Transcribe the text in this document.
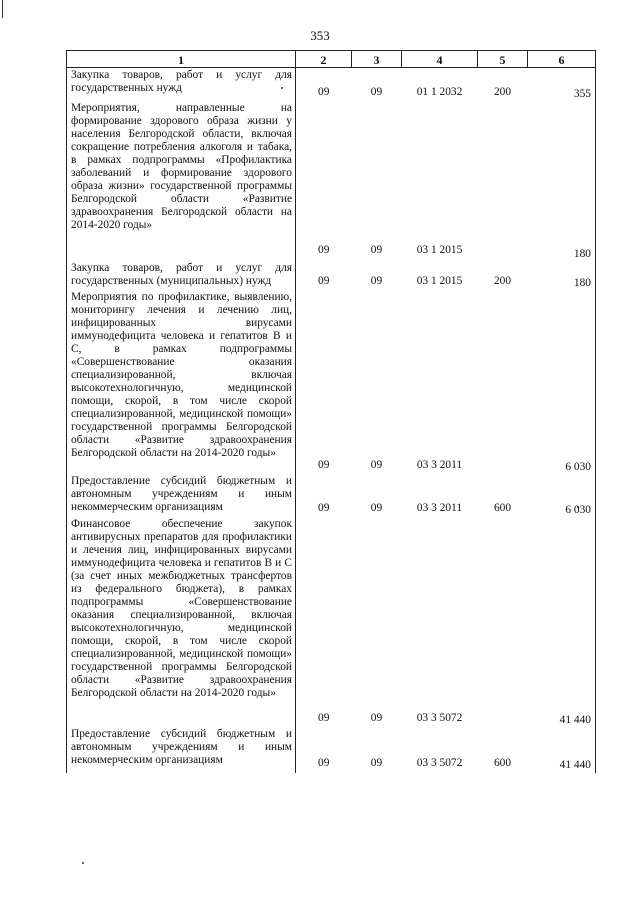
353
1	2	3	4	5	6
Закупка товаров, работ и услуг для государственных нужд	09	09	01 1 2032	200	355
Мероприятия, направленные на формирование здорового образа жизни у населения Белгородской области, включая сокращение потребления алкоголя и табака, в рамках подпрограммы «Профилактика заболеваний и формирование здорового образа жизни» государственной программы Белгородской области «Развитие здравоохранения Белгородской области на 2014-2020 годы»	09	09	03 1 2015		180
Закупка товаров, работ и услуг для государственных (муниципальных) нужд	09	09	03 1 2015	200	180
Мероприятия по профилактике, выявлению, мониторингу лечения и лечению лиц, инфицированных вирусами иммунодефицита человека и гепатитов В и С, в рамках подпрограммы «Совершенствование оказания специализированной, включая высокотехнологичную, медицинской помощи, скорой, в том числе скорой специализированной, медицинской помощи» государственной программы Белгородской области «Развитие здравоохранения Белгородской области на 2014-2020 годы»	09	09	03 3 2011		6 030
Предоставление субсидий бюджетным и автономным учреждениям и иным некоммерческим организациям	09	09	03 3 2011	600	6 030
Финансовое обеспечение закупок антивирусных препаратов для профилактики и лечения лиц, инфицированных вирусами иммунодефицита человека и гепатитов В и С (за счет иных межбюджетных трансфертов из федерального бюджета), в рамках подпрограммы «Совершенствование оказания специализированной, включая высокотехнологичную, медицинской помощи, скорой, в том числе скорой специализированной, медицинской помощи» государственной программы Белгородской области «Развитие здравоохранения Белгородской области на 2014-2020 годы»	09	09	03 3 5072		41 440
Предоставление субсидий бюджетным и автономным учреждениям и иным некоммерческим организациям	09	09	03 3 5072	600	41 440
